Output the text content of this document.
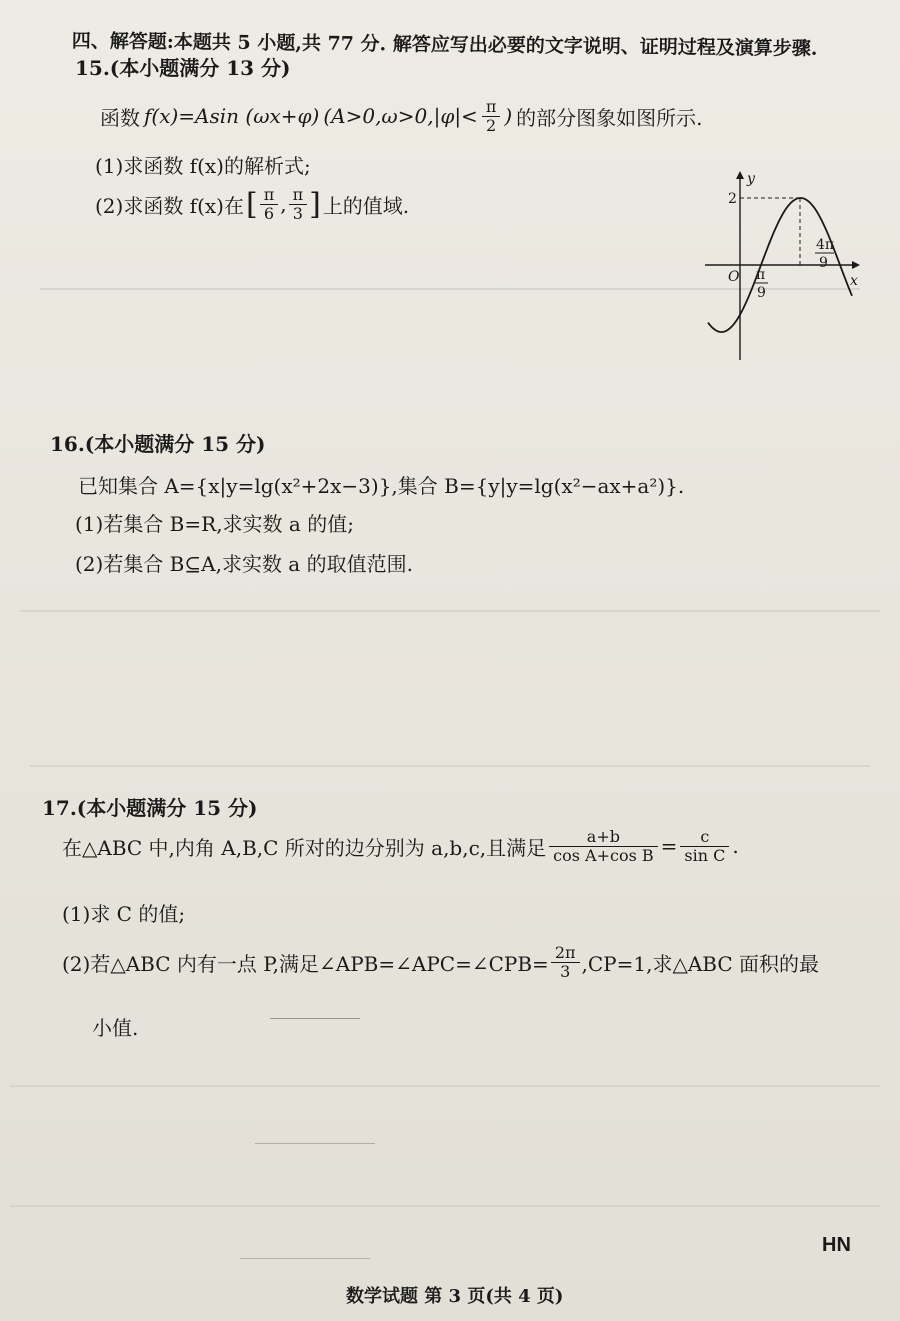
四、解答题:本题共 5 小题,共 77 分. 解答应写出必要的文字说明、证明过程及演算步骤.
15.(本小题满分 13 分)
函数 f(x)=Asin (ωx+φ) ($A>0,\omega>0,|\varphi|< \frac{\pi}{2}$ ) 的部分图象如图所示.
(1)求函数 f(x)的解析式;
(2)求函数 f(x)在 [ $\frac{\pi}{6}$ , $\frac{\pi}{3}$ ] 上的值域.
y
x
O
2
π
9
4π
9
16.(本小题满分 15 分)
已知集合 A={x|y=lg(x²+2x−3)},集合 B={y|y=lg(x²−ax+a²)}.
(1)若集合 B=R,求实数 a 的值;
(2)若集合 B⊆A,求实数 a 的取值范围.
17.(本小题满分 15 分)
在△ABC 中,内角 A,B,C 所对的边分别为 a,b,c,且满足 $\frac{a+b}{\text{cos A+cos B}} = \frac{c}{\text{sin C}}$ .
(1)求 C 的值;
(2)若△ABC 内有一点 P,满足∠APB=∠APC=∠CPB= $\frac{2\pi}{3} ,CP=1$,求△ABC 面积的最
小值.
HN
数学试题 第 3 页(共 4 页)
